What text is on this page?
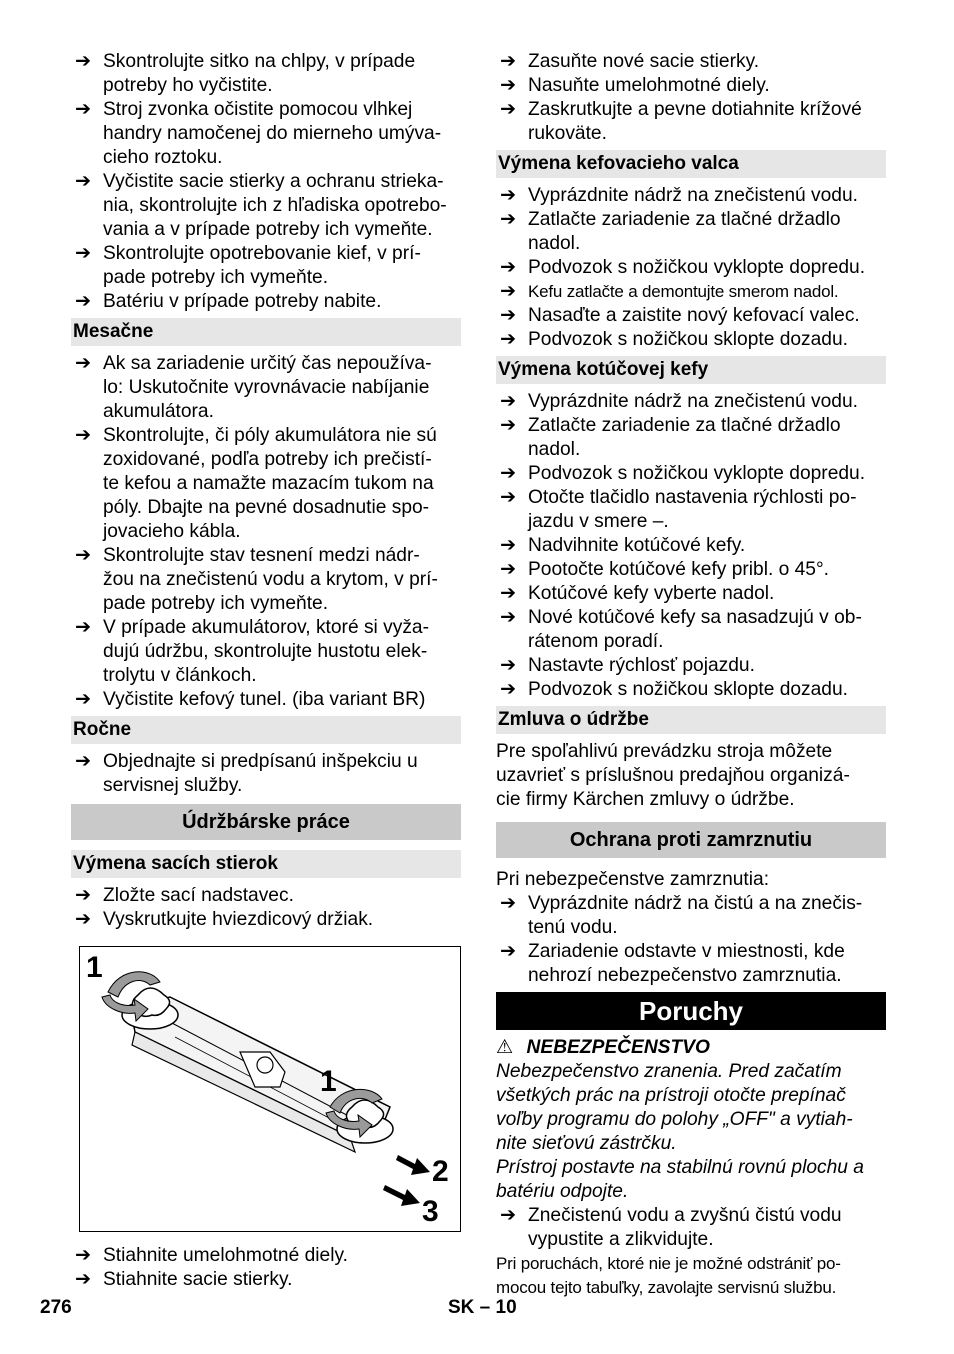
➔ Skontrolujte sitko na chlpy, v prípade
potreby ho vyčistite.
➔ Stroj zvonka očistite pomocou vlhkej
handry namočenej do mierneho umýva-
cieho roztoku.
➔ Vyčistite sacie stierky a ochranu strieka-
nia, skontrolujte ich z hľadiska opotrebo-
vania a v prípade potreby ich vymeňte.
➔ Skontrolujte opotrebovanie kief, v prí-
pade potreby ich vymeňte.
➔ Batériu v prípade potreby nabite.
Mesačne
➔ Ak sa zariadenie určitý čas nepoužíva-
lo: Uskutočnite vyrovnávacie nabíjanie
akumulátora.
➔ Skontrolujte, či póly akumulátora nie sú
zoxidované, podľa potreby ich prečistí-
te kefou a namažte mazacím tukom na
póly. Dbajte na pevné dosadnutie spo-
jovacieho kábla.
➔ Skontrolujte stav tesnení medzi nádr-
žou na znečistenú vodu a krytom, v prí-
pade potreby ich vymeňte.
➔ V prípade akumulátorov, ktoré si vyža-
dujú údržbu, skontrolujte hustotu elek-
trolytu v článkoch.
➔ Vyčistite kefový tunel. (iba variant BR)
Ročne
➔ Objednajte si predpísanú inšpekciu u
servisnej služby.
Údržbárske práce
Výmena sacích stierok
➔ Zložte sací nadstavec.
➔ Vyskrutkujte hviezdicový držiak.
1
1
2
3
➔ Stiahnite umelohmotné diely.
➔ Stiahnite sacie stierky.
➔ Zasuňte nové sacie stierky.
➔ Nasuňte umelohmotné diely.
➔ Zaskrutkujte a pevne dotiahnite krížové
rukoväte.
Výmena kefovacieho valca
➔ Vyprázdnite nádrž na znečistenú vodu.
➔ Zatlačte zariadenie za tlačné držadlo
nadol.
➔ Podvozok s nožičkou vyklopte dopredu.
➔ Kefu zatlačte a demontujte smerom nadol.
➔ Nasaďte a zaistite nový kefovací valec.
➔ Podvozok s nožičkou sklopte dozadu.
Výmena kotúčovej kefy
➔ Vyprázdnite nádrž na znečistenú vodu.
➔ Zatlačte zariadenie za tlačné držadlo
nadol.
➔ Podvozok s nožičkou vyklopte dopredu.
➔ Otočte tlačidlo nastavenia rýchlosti po-
jazdu v smere –.
➔ Nadvihnite kotúčové kefy.
➔ Pootočte kotúčové kefy pribl. o 45°.
➔ Kotúčové kefy vyberte nadol.
➔ Nové kotúčové kefy sa nasadzujú v ob-
rátenom poradí.
➔ Nastavte rýchlosť pojazdu.
➔ Podvozok s nožičkou sklopte dozadu.
Zmluva o údržbe
Pre spoľahlivú prevádzku stroja môžete
uzavrieť s príslušnou predajňou organizá-
cie firmy Kärchen zmluvy o údržbe.
Ochrana proti zamrznutiu
Pri nebezpečenstve zamrznutia:
➔ Vyprázdnite nádrž na čistú a na znečis-
tenú vodu.
➔ Zariadenie odstavte v miestnosti, kde
nehrozí nebezpečenstvo zamrznutia.
Poruchy
⚠ NEBEZPEČENSTVO
Nebezpečenstvo zranenia. Pred začatím
všetkých prác na prístroji otočte prepínač
voľby programu do polohy „OFF" a vytiah-
nite sieťovú zástrčku.
Prístroj postavte na stabilnú rovnú plochu a
batériu odpojte.
➔ Znečistenú vodu a zvyšnú čistú vodu
vypustite a zlikvidujte.
Pri poruchách, ktoré nie je možné odstrániť po-
mocou tejto tabuľky, zavolajte servisnú službu.
276	SK – 10
